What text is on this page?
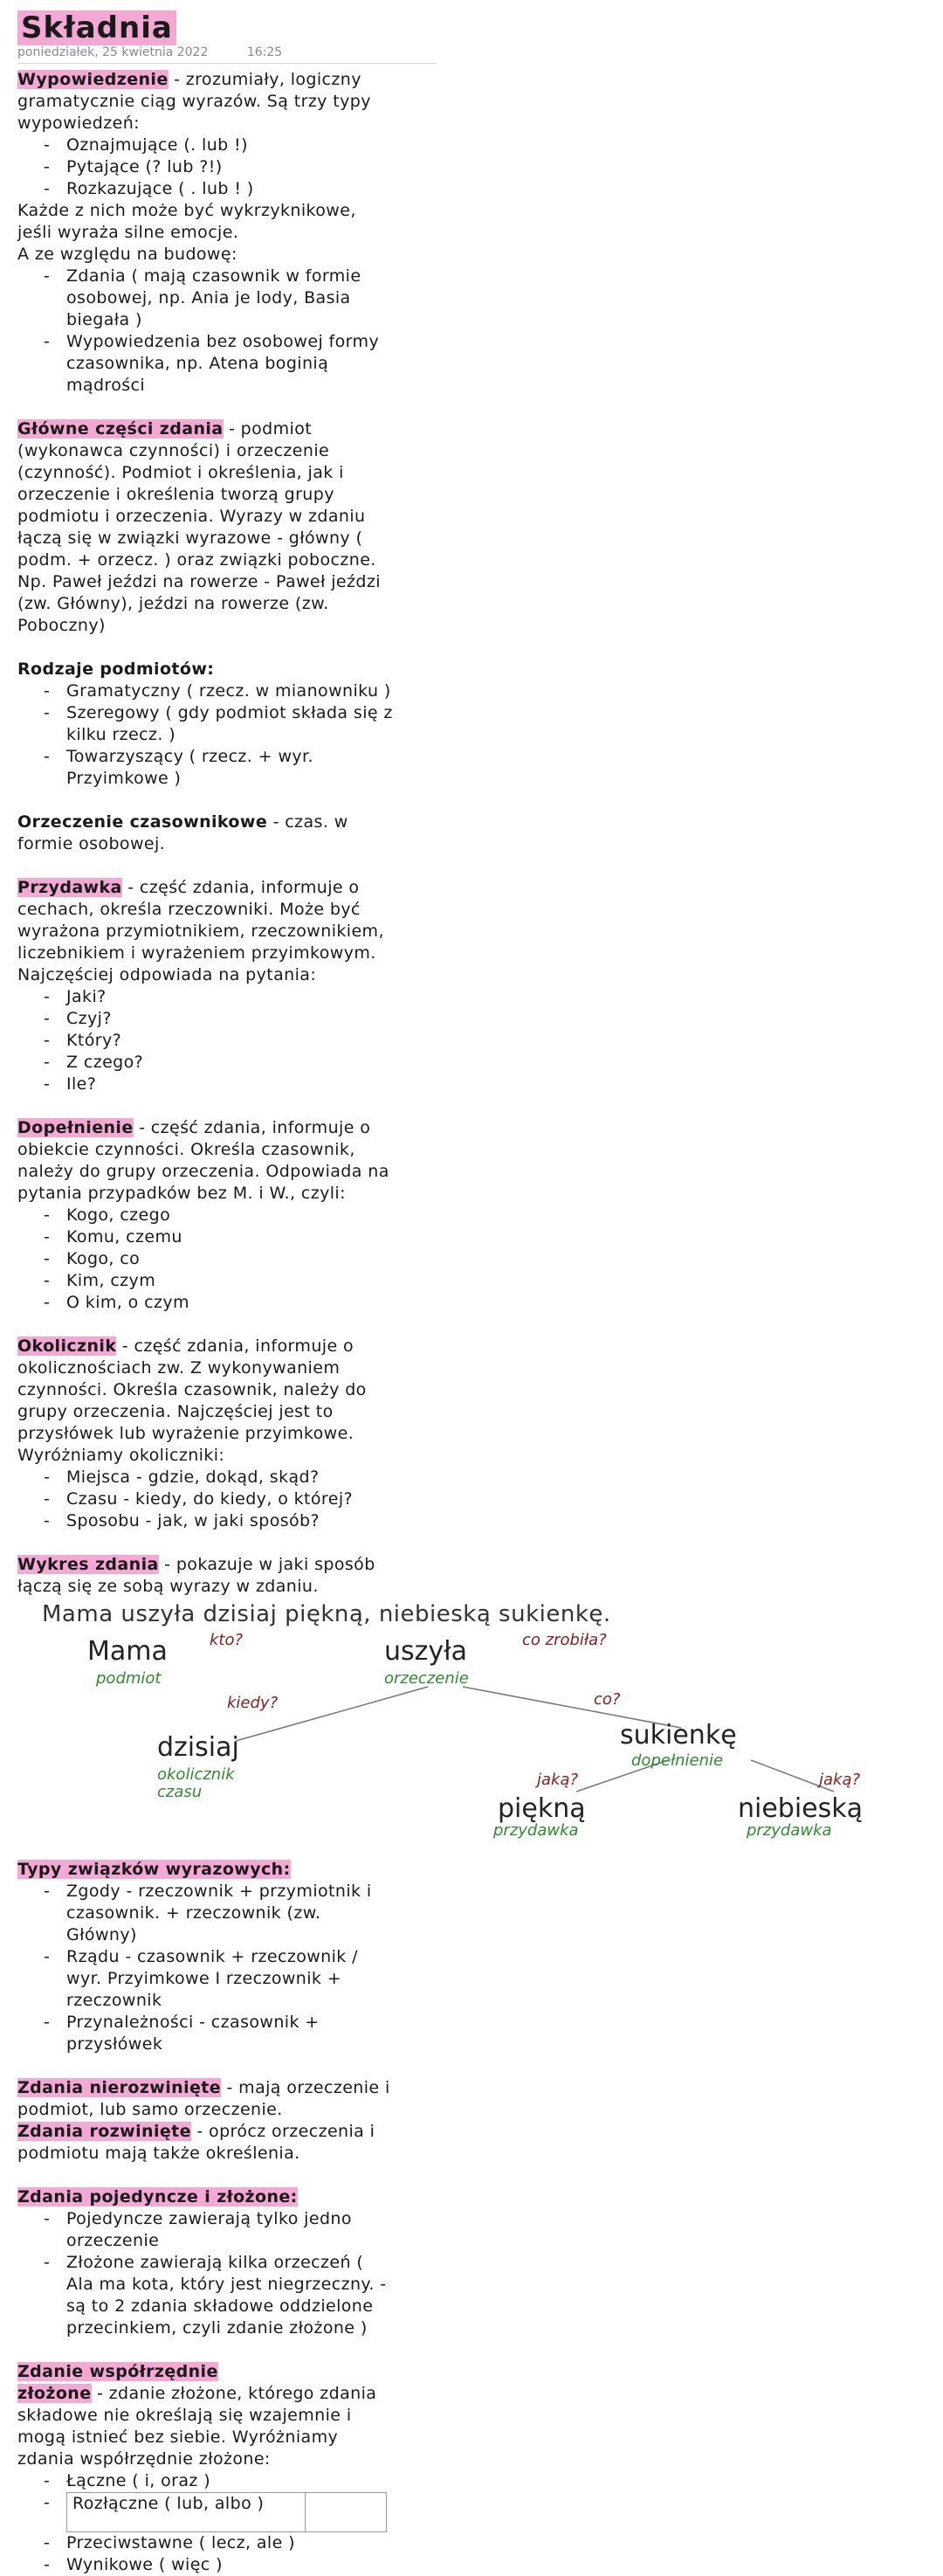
Składnia
poniedziałek, 25 kwietnia 2022	16:25

Wypowiedzenie - zrozumiały, logiczny gramatycznie ciąg wyrazów. Są trzy typy wypowiedzeń:

- Oznajmujące (. lub !)
- Pytające (? lub ?!)
- Rozkazujące ( . lub ! )

Każde z nich może być wykrzyknikowe, jeśli wyraża silne emocje.

A ze względu na budowę:

- Zdania ( mają czasownik w formie osobowej, np. Ania je lody, Basia biegała )
- Wypowiedzenia bez osobowej formy czasownika, np. Atena boginią mądrości

Główne części zdania - podmiot (wykonawca czynności) i orzeczenie (czynność). Podmiot i określenia, jak i orzeczenie i określenia tworzą grupy podmiotu i orzeczenia. Wyrazy w zdaniu łączą się w związki wyrazowe - główny ( podm. + orzecz. ) oraz związki poboczne. Np. Paweł jeździ na rowerze - Paweł jeździ (zw. Główny), jeździ na rowerze (zw. Poboczny)

Rodzaje podmiotów:

- Gramatyczny ( rzecz. w mianowniku )
- Szeregowy ( gdy podmiot składa się z kilku rzecz. )
- Towarzyszący ( rzecz. + wyr. Przyimkowe )

Orzeczenie czasownikowe - czas. w formie osobowej.

Przydawka - część zdania, informuje o cechach, określa rzeczowniki. Może być wyrażona przymiotnikiem, rzeczownikiem, liczebnikiem i wyrażeniem przyimkowym. Najczęściej odpowiada na pytania:

- Jaki?
- Czyj?
- Który?
- Z czego?
- Ile?

Dopełnienie - część zdania, informuje o obiekcie czynności. Określa czasownik, należy do grupy orzeczenia. Odpowiada na pytania przypadków bez M. i W., czyli:

- Kogo, czego
- Komu, czemu
- Kogo, co
- Kim, czym
- O kim, o czym

Okolicznik - część zdania, informuje o okolicznościach zw. Z wykonywaniem czynności. Określa czasownik, należy do grupy orzeczenia. Najczęściej jest to przysłówek lub wyrażenie przyimkowe. Wyróżniamy okoliczniki:

- Miejsca - gdzie, dokąd, skąd?
- Czasu - kiedy, do kiedy, o której?
- Sposobu - jak, w jaki sposób?

Wykres zdania - pokazuje w jaki sposób łączą się ze sobą wyrazy w zdaniu.

Mama uszyła dzisiaj piękną, niebieską sukienkę.
Mama
podmiot
kto?	uszyła
orzeczenie
co zrobiła?
kiedy?
dzisiaj
okolicznik
czasu
co?
sukienkę
dopełnienie
jaką?	jaką?
piękną
przydawka
niebieską
przydawka

Typy związków wyrazowych:

- Zgody - rzeczownik + przymiotnik i czasownik. + rzeczownik (zw. Główny)
- Rządu - czasownik + rzeczownik / wyr. Przyimkowe I rzeczownik + rzeczownik
- Przynależności - czasownik + przysłówek

Zdania nierozwinięte - mają orzeczenie i podmiot, lub samo orzeczenie.

Zdania rozwinięte - oprócz orzeczenia i podmiotu mają także określenia.

Zdania pojedyncze i złożone:

- Pojedyncze zawierają tylko jedno orzeczenie
- Złożone zawierają kilka orzeczeń ( Ala ma kota, który jest niegrzeczny. - są to 2 zdania składowe oddzielone przecinkiem, czyli zdanie złożone )

Zdanie współrzędnie

złożone - zdanie złożone, którego zdania składowe nie określają się wzajemnie i mogą istnieć bez siebie. Wyróżniamy zdania współrzędnie złożone:

- Łączne ( i, oraz )
- Rozłączne ( lub, albo )
- Przeciwstawne ( lecz, ale )
- Wynikowe ( więc )
